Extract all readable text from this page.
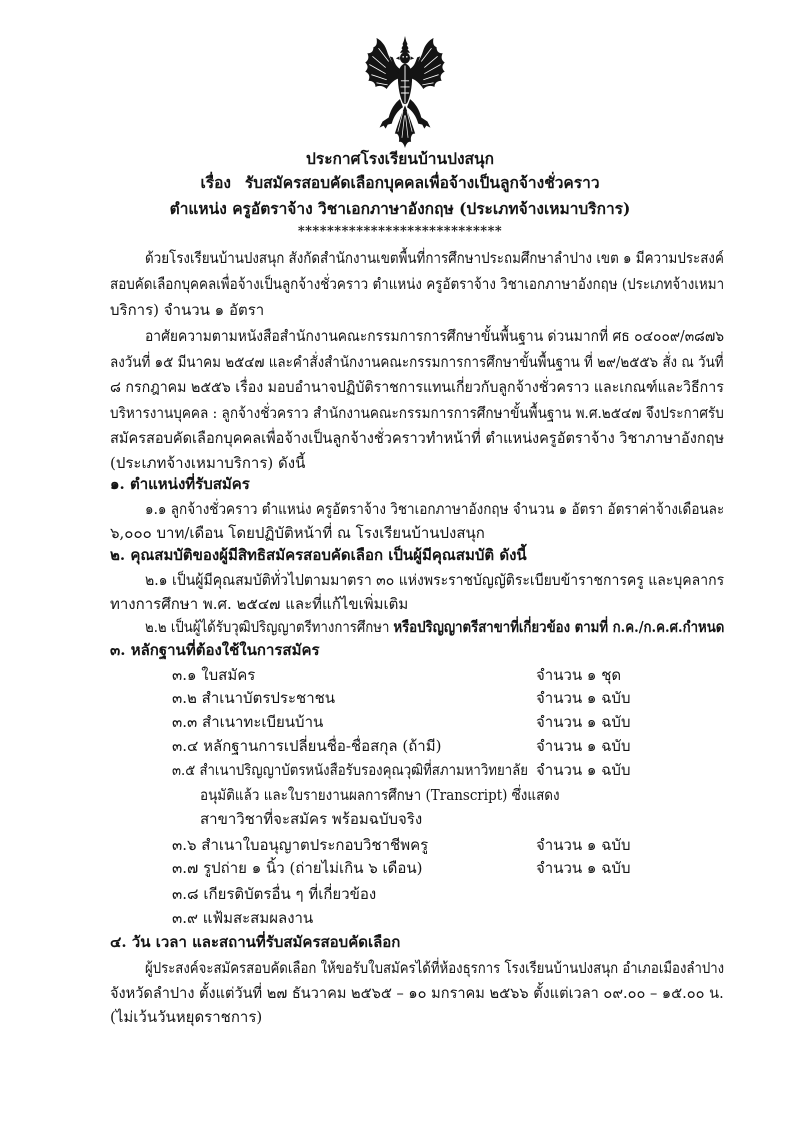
ประกาศโรงเรียนบ้านปงสนุก
เรื่อง รับสมัครสอบคัดเลือกบุคคลเพื่อจ้างเป็นลูกจ้างชั่วคราว
ตำแหน่ง ครูอัตราจ้าง วิชาเอกภาษาอังกฤษ (ประเภทจ้างเหมาบริการ)
****************************
ด้วยโรงเรียนบ้านปงสนุก สังกัดสำนักงานเขตพื้นที่การศึกษาประถมศึกษาลำปาง เขต ๑ มีความประสงค์
สอบคัดเลือกบุคคลเพื่อจ้างเป็นลูกจ้างชั่วคราว ตำแหน่ง ครูอัตราจ้าง วิชาเอกภาษาอังกฤษ (ประเภทจ้างเหมา
บริการ) จำนวน ๑ อัตรา
อาศัยความตามหนังสือสำนักงานคณะกรรมการการศึกษาขั้นพื้นฐาน ด่วนมากที่ ศธ ๐๔๐๐๙/๓๘๗๖
ลงวันที่ ๑๕ มีนาคม ๒๕๔๗ และคำสั่งสำนักงานคณะกรรมการการศึกษาขั้นพื้นฐาน ที่ ๒๙/๒๕๕๖ สั่ง ณ วันที่
๘ กรกฎาคม ๒๕๕๖ เรื่อง มอบอำนาจปฏิบัติราชการแทนเกี่ยวกับลูกจ้างชั่วคราว และเกณฑ์และวิธีการ
บริหารงานบุคคล : ลูกจ้างชั่วคราว สำนักงานคณะกรรมการการศึกษาขั้นพื้นฐาน พ.ศ.๒๕๔๗ จึงประกาศรับ
สมัครสอบคัดเลือกบุคคลเพื่อจ้างเป็นลูกจ้างชั่วคราวทำหน้าที่ ตำแหน่งครูอัตราจ้าง วิชาภาษาอังกฤษ
(ประเภทจ้างเหมาบริการ) ดังนี้
๑. ตำแหน่งที่รับสมัคร
๑.๑ ลูกจ้างชั่วคราว ตำแหน่ง ครูอัตราจ้าง วิชาเอกภาษาอังกฤษ จำนวน ๑ อัตรา อัตราค่าจ้างเดือนละ
๖,๐๐๐ บาท/เดือน โดยปฏิบัติหน้าที่ ณ โรงเรียนบ้านปงสนุก
๒. คุณสมบัติของผู้มีสิทธิสมัครสอบคัดเลือก เป็นผู้มีคุณสมบัติ ดังนี้
๒.๑ เป็นผู้มีคุณสมบัติทั่วไปตามมาตรา ๓๐ แห่งพระราชบัญญัติระเบียบข้าราชการครู และบุคลากร
ทางการศึกษา พ.ศ. ๒๕๔๗ และที่แก้ไขเพิ่มเติม
๒.๒ เป็นผู้ได้รับวุฒิปริญญาตรีทางการศึกษา หรือปริญญาตรีสาขาที่เกี่ยวข้อง ตามที่ ก.ค./ก.ค.ศ.กำหนด
๓. หลักฐานที่ต้องใช้ในการสมัคร
๓.๑ ใบสมัคร	จำนวน ๑ ชุด
๓.๒ สำเนาบัตรประชาชน	จำนวน ๑ ฉบับ
๓.๓ สำเนาทะเบียนบ้าน	จำนวน ๑ ฉบับ
๓.๔ หลักฐานการเปลี่ยนชื่อ-ชื่อสกุล (ถ้ามี)	จำนวน ๑ ฉบับ
๓.๕ สำเนาปริญญาบัตรหนังสือรับรองคุณวุฒิที่สภามหาวิทยาลัย จำนวน ๑ ฉบับ
อนุมัติแล้ว และใบรายงานผลการศึกษา (Transcript) ซึ่งแสดง
สาขาวิชาที่จะสมัคร พร้อมฉบับจริง
๓.๖ สำเนาใบอนุญาตประกอบวิชาชีพครู	จำนวน ๑ ฉบับ
๓.๗ รูปถ่าย ๑ นิ้ว (ถ่ายไม่เกิน ๖ เดือน)	จำนวน ๑ ฉบับ
๓.๘ เกียรติบัตรอื่น ๆ ที่เกี่ยวข้อง
๓.๙ แฟ้มสะสมผลงาน
๔. วัน เวลา และสถานที่รับสมัครสอบคัดเลือก
ผู้ประสงค์จะสมัครสอบคัดเลือก ให้ขอรับใบสมัครได้ที่ห้องธุรการ โรงเรียนบ้านปงสนุก อำเภอเมืองลำปาง
จังหวัดลำปาง ตั้งแต่วันที่ ๒๗ ธันวาคม ๒๕๖๕ – ๑๐ มกราคม ๒๕๖๖ ตั้งแต่เวลา ๐๙.๐๐ – ๑๕.๐๐ น.
(ไม่เว้นวันหยุดราชการ)
